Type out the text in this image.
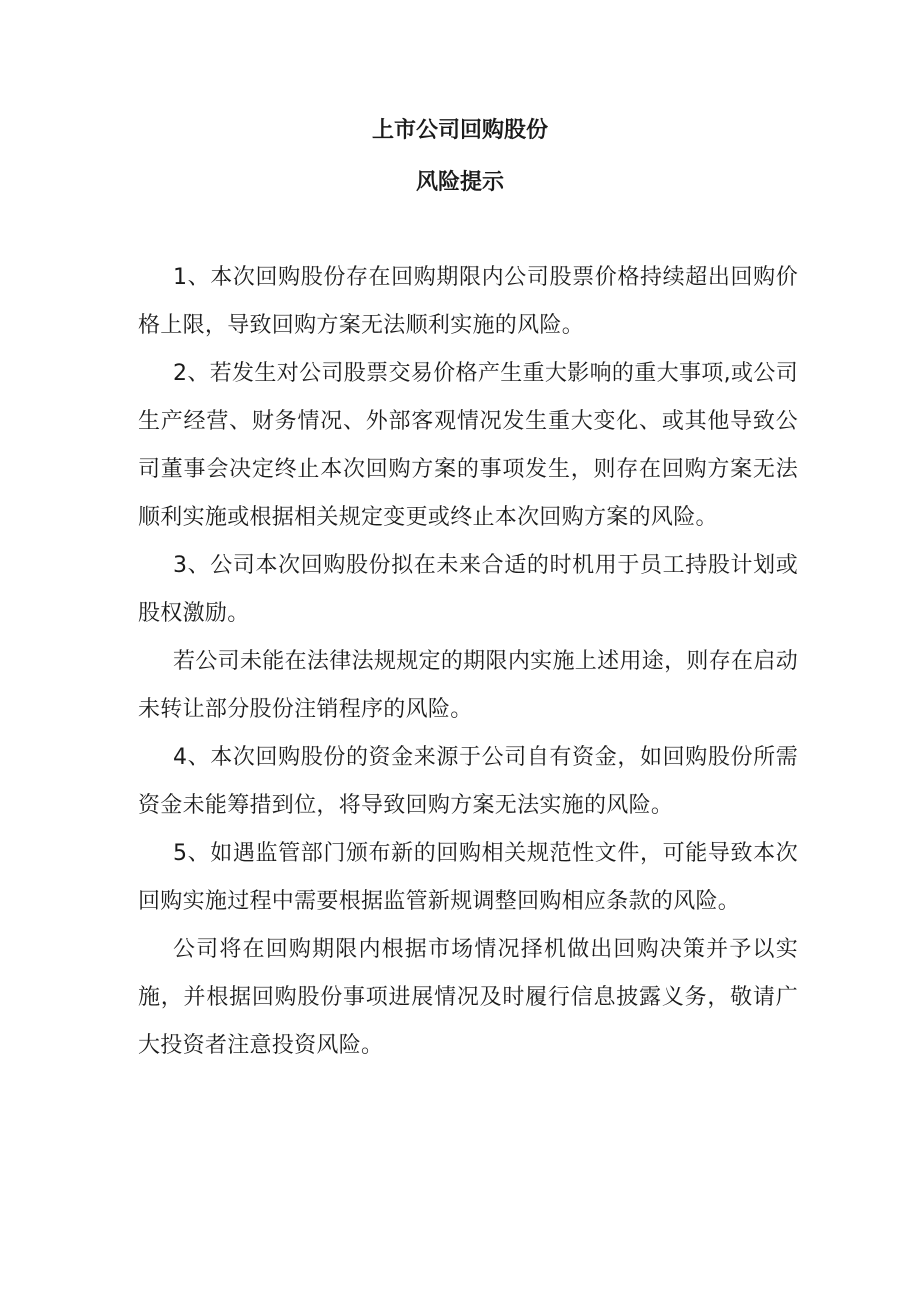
上市公司回购股份
风险提示

1、本次回购股份存在回购期限内公司股票价格持续超出回购价格上限，导致回购方案无法顺利实施的风险。

2、若发生对公司股票交易价格产生重大影响的重大事项,或公司生产经营、财务情况、外部客观情况发生重大变化、或其他导致公司董事会决定终止本次回购方案的事项发生，则存在回购方案无法顺利实施或根据相关规定变更或终止本次回购方案的风险。

3、公司本次回购股份拟在未来合适的时机用于员工持股计划或股权激励。

若公司未能在法律法规规定的期限内实施上述用途，则存在启动未转让部分股份注销程序的风险。

4、本次回购股份的资金来源于公司自有资金，如回购股份所需资金未能筹措到位，将导致回购方案无法实施的风险。

5、如遇监管部门颁布新的回购相关规范性文件，可能导致本次回购实施过程中需要根据监管新规调整回购相应条款的风险。

公司将在回购期限内根据市场情况择机做出回购决策并予以实施，并根据回购股份事项进展情况及时履行信息披露义务，敬请广大投资者注意投资风险。
